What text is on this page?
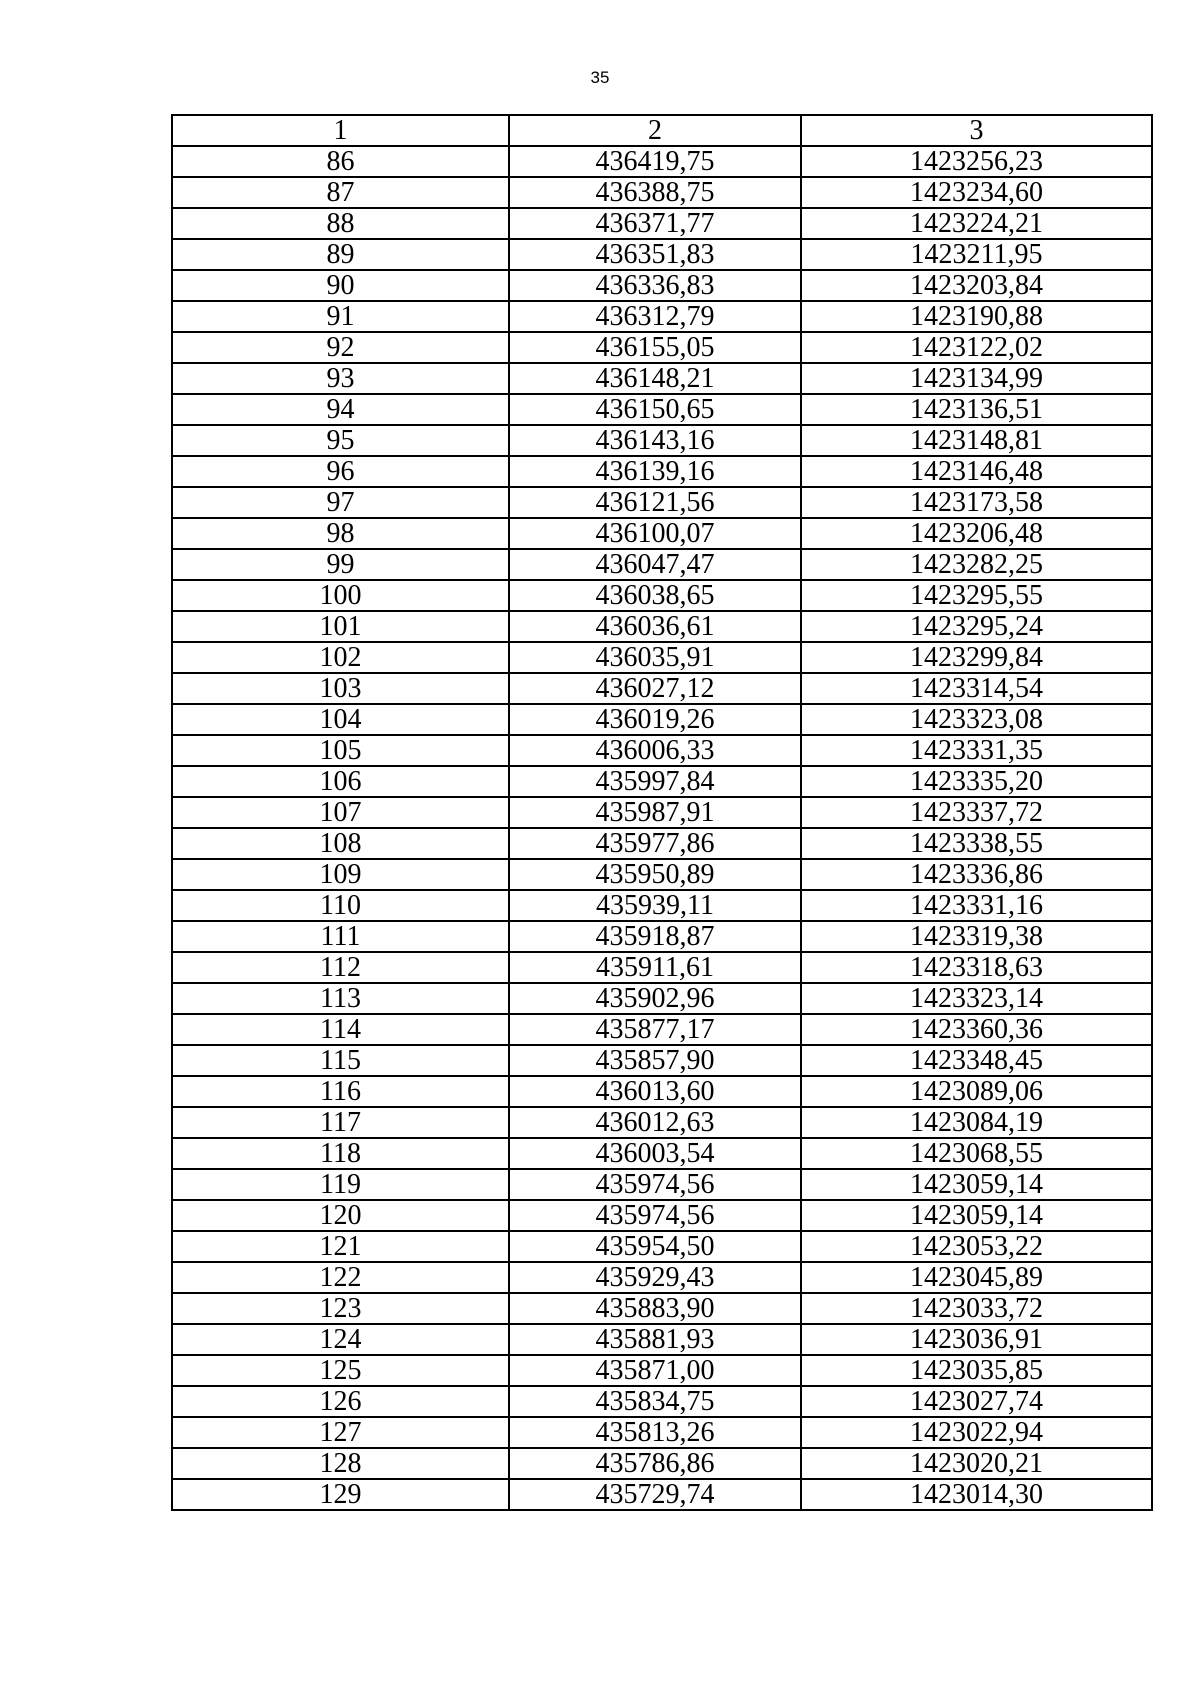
35
1	2	3
86	436419,75	1423256,23
87	436388,75	1423234,60
88	436371,77	1423224,21
89	436351,83	1423211,95
90	436336,83	1423203,84
91	436312,79	1423190,88
92	436155,05	1423122,02
93	436148,21	1423134,99
94	436150,65	1423136,51
95	436143,16	1423148,81
96	436139,16	1423146,48
97	436121,56	1423173,58
98	436100,07	1423206,48
99	436047,47	1423282,25
100	436038,65	1423295,55
101	436036,61	1423295,24
102	436035,91	1423299,84
103	436027,12	1423314,54
104	436019,26	1423323,08
105	436006,33	1423331,35
106	435997,84	1423335,20
107	435987,91	1423337,72
108	435977,86	1423338,55
109	435950,89	1423336,86
110	435939,11	1423331,16
111	435918,87	1423319,38
112	435911,61	1423318,63
113	435902,96	1423323,14
114	435877,17	1423360,36
115	435857,90	1423348,45
116	436013,60	1423089,06
117	436012,63	1423084,19
118	436003,54	1423068,55
119	435974,56	1423059,14
120	435974,56	1423059,14
121	435954,50	1423053,22
122	435929,43	1423045,89
123	435883,90	1423033,72
124	435881,93	1423036,91
125	435871,00	1423035,85
126	435834,75	1423027,74
127	435813,26	1423022,94
128	435786,86	1423020,21
129	435729,74	1423014,30
